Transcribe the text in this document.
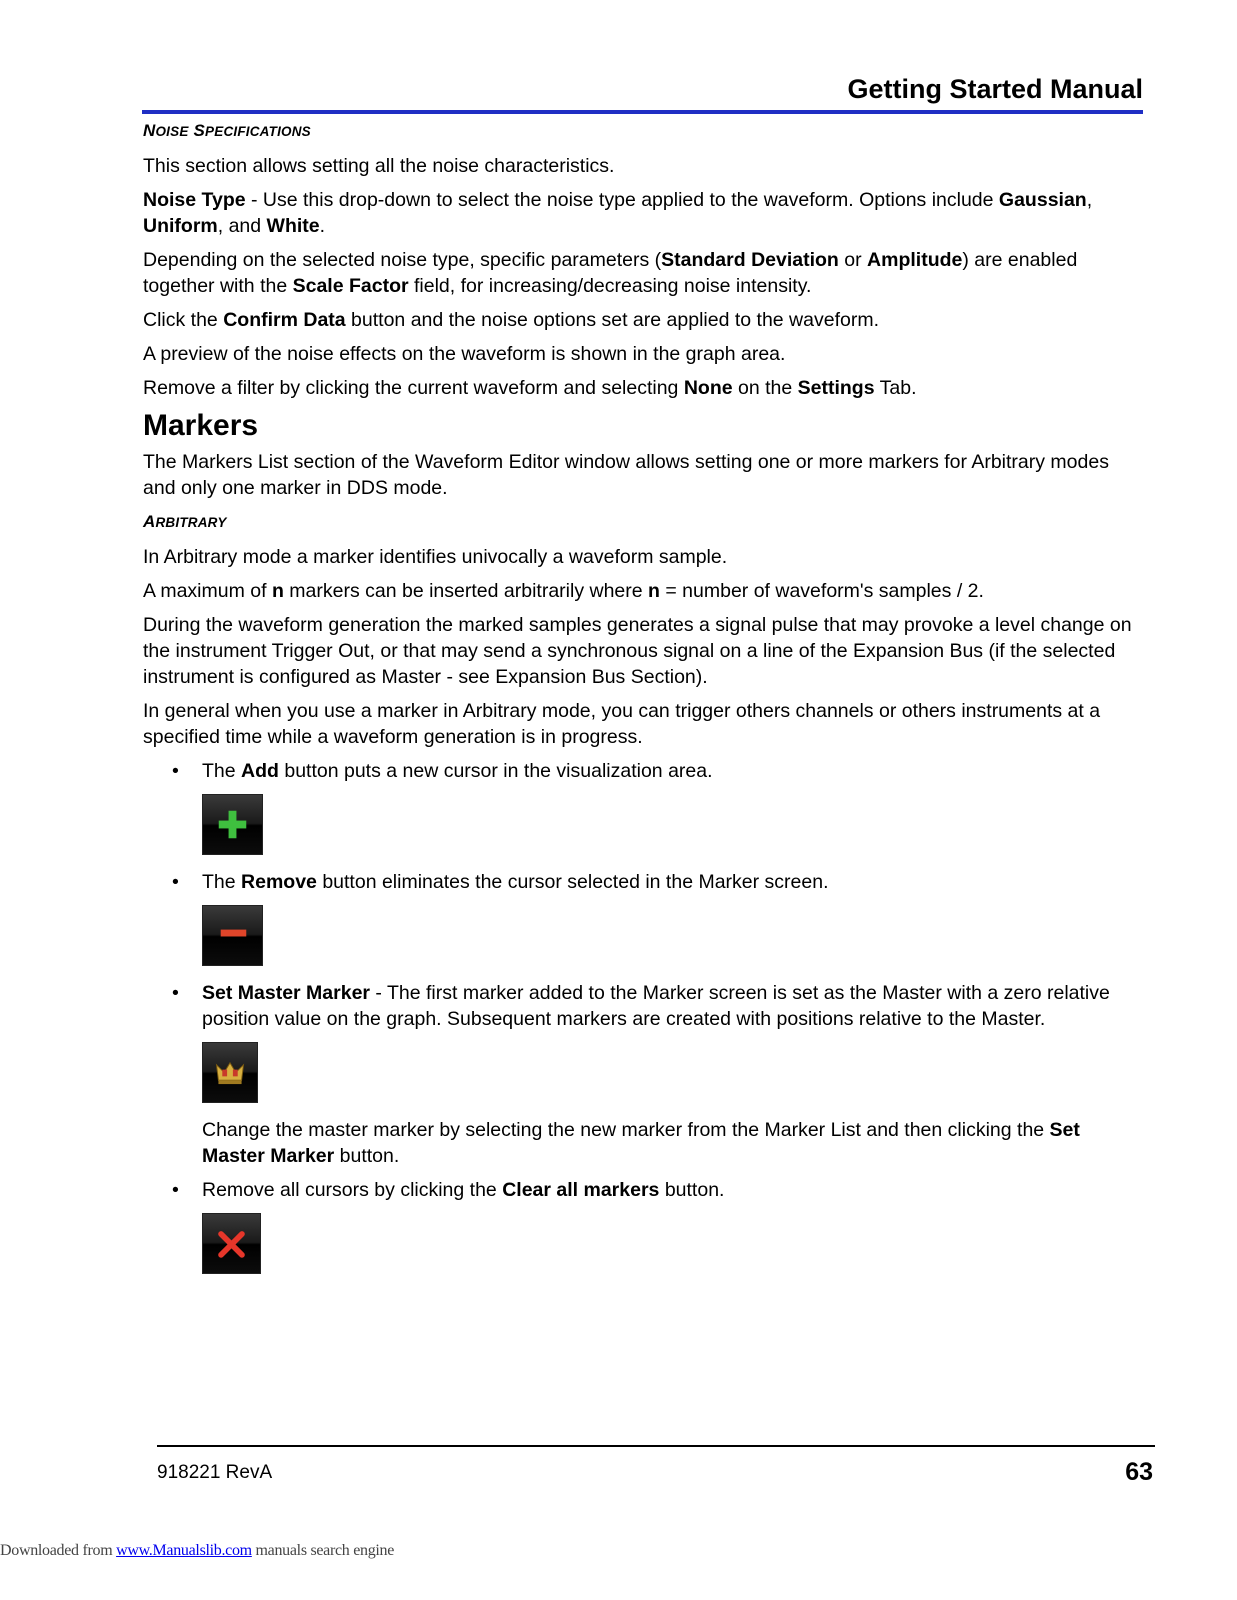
Getting Started Manual
NOISE SPECIFICATIONS

This section allows setting all the noise characteristics.

Noise Type - Use this drop-down to select the noise type applied to the waveform. Options include Gaussian, Uniform, and White.

Depending on the selected noise type, specific parameters (Standard Deviation or Amplitude) are enabled together with the Scale Factor field, for increasing/decreasing noise intensity.

Click the Confirm Data button and the noise options set are applied to the waveform.

A preview of the noise effects on the waveform is shown in the graph area.

Remove a filter by clicking the current waveform and selecting None on the Settings Tab.

Markers

The Markers List section of the Waveform Editor window allows setting one or more markers for Arbitrary modes and only one marker in DDS mode.

ARBITRARY

In Arbitrary mode a marker identifies univocally a waveform sample.

A maximum of n markers can be inserted arbitrarily where n = number of waveform's samples / 2.

During the waveform generation the marked samples generates a signal pulse that may provoke a level change on the instrument Trigger Out, or that may send a synchronous signal on a line of the Expansion Bus (if the selected instrument is configured as Master - see Expansion Bus Section).

In general when you use a marker in Arbitrary mode, you can trigger others channels or others instruments at a specified time while a waveform generation is in progress.

• The Add button puts a new cursor in the visualization area.
• The Remove button eliminates the cursor selected in the Marker screen.
• Set Master Marker - The first marker added to the Marker screen is set as the Master with a zero relative position value on the graph. Subsequent markers are created with positions relative to the Master.

Change the master marker by selecting the new marker from the Marker List and then clicking the Set Master Marker button.

• Remove all cursors by clicking the Clear all markers button.
918221 RevA	63
Downloaded from www.Manualslib.com manuals search engine
